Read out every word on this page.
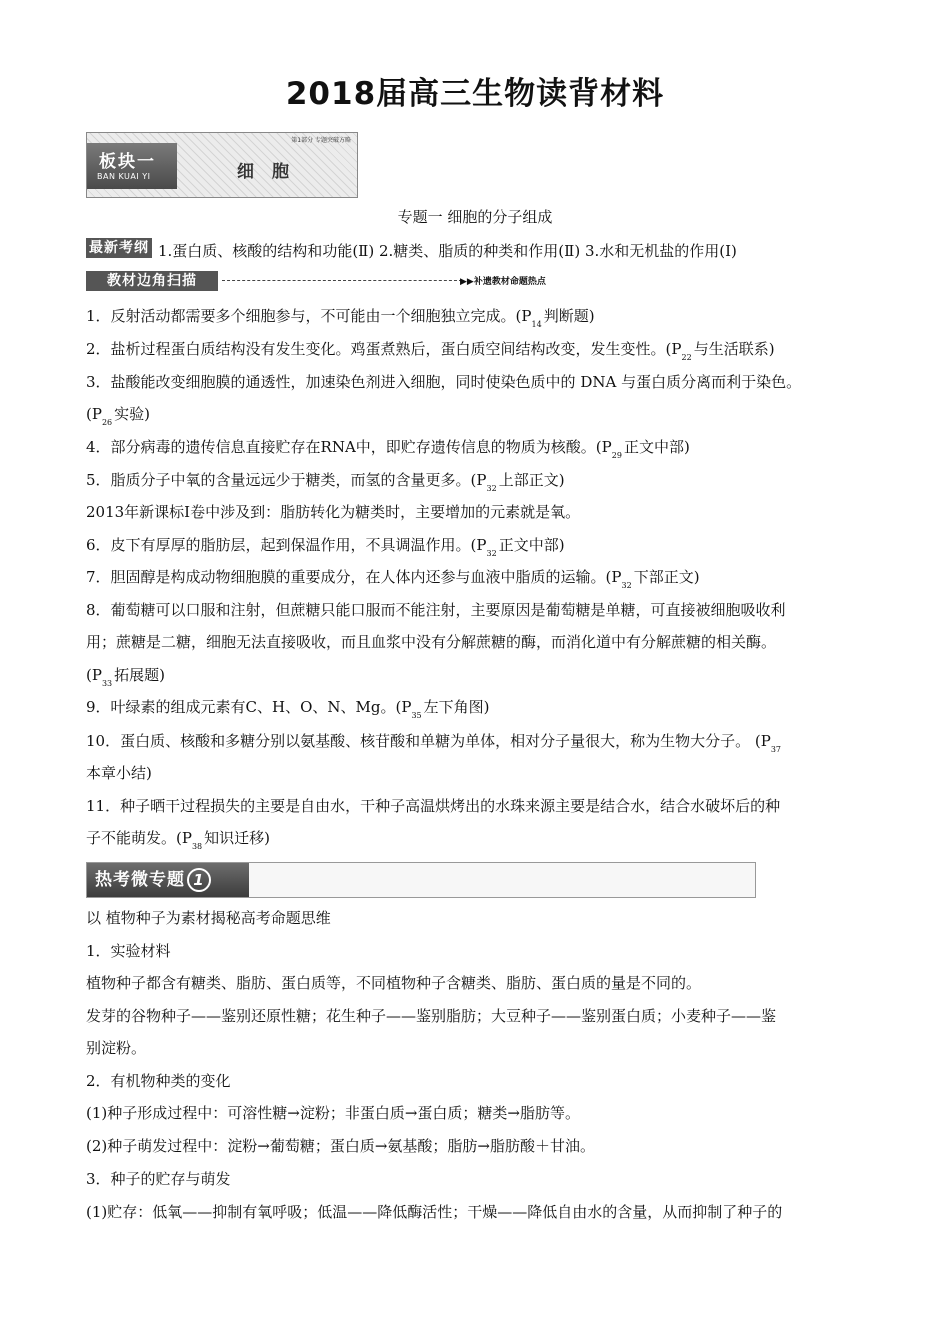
2018届高三生物读背材料
第1部分 专题突破方略
板块一
BAN KUAI YI	细胞
专题一 细胞的分子组成
最新考纲 1.蛋白质、核酸的结构和功能(Ⅱ) 2.糖类、脂质的种类和作用(Ⅱ) 3.水和无机盐的作用(Ⅰ)
教材边角扫描	▶▶补遗教材命题热点
1．反射活动都需要多个细胞参与，不可能由一个细胞独立完成。($P_{14}$ 判断题)
2．盐析过程蛋白质结构没有发生变化。鸡蛋煮熟后，蛋白质空间结构改变，发生变性。($P_{22}$ 与生活联系)
3．盐酸能改变细胞膜的通透性，加速染色剂进入细胞，同时使染色质中的 DNA 与蛋白质分离而利于染色。
($P_{26}$ 实验)
4．部分病毒的遗传信息直接贮存在RNA中，即贮存遗传信息的物质为核酸。($P_{29}$ 正文中部)
5．脂质分子中氧的含量远远少于糖类，而氢的含量更多。($P_{32}$ 上部正文)
2013年新课标Ⅰ卷中涉及到：脂肪转化为糖类时，主要增加的元素就是氧。
6．皮下有厚厚的脂肪层，起到保温作用，不具调温作用。($P_{32}$ 正文中部)
7．胆固醇是构成动物细胞膜的重要成分，在人体内还参与血液中脂质的运输。($P_{32}$ 下部正文)
8．葡萄糖可以口服和注射，但蔗糖只能口服而不能注射，主要原因是葡萄糖是单糖，可直接被细胞吸收利
用；蔗糖是二糖，细胞无法直接吸收，而且血浆中没有分解蔗糖的酶，而消化道中有分解蔗糖的相关酶。
($P_{33}$ 拓展题)
9．叶绿素的组成元素有C、H、O、N、Mg。($P_{35}$ 左下角图)
10．蛋白质、核酸和多糖分别以氨基酸、核苷酸和单糖为单体，相对分子量很大，称为生物大分子。 ($P_{37}$
本章小结)
11．种子晒干过程损失的主要是自由水，干种子高温烘烤出的水珠来源主要是结合水，结合水破坏后的种
子不能萌发。($P_{38}$ 知识迁移)
热考微专题 1
以 植物种子为素材揭秘高考命题思维
1．实验材料
植物种子都含有糖类、脂肪、蛋白质等，不同植物种子含糖类、脂肪、蛋白质的量是不同的。
发芽的谷物种子——鉴别还原性糖；花生种子——鉴别脂肪；大豆种子——鉴别蛋白质；小麦种子——鉴
别淀粉。
2．有机物种类的变化
(1)种子形成过程中：可溶性糖→淀粉；非蛋白质→蛋白质；糖类→脂肪等。
(2)种子萌发过程中：淀粉→葡萄糖；蛋白质→氨基酸；脂肪→脂肪酸＋甘油。
3．种子的贮存与萌发
(1)贮存：低氧——抑制有氧呼吸；低温——降低酶活性；干燥——降低自由水的含量，从而抑制了种子的
